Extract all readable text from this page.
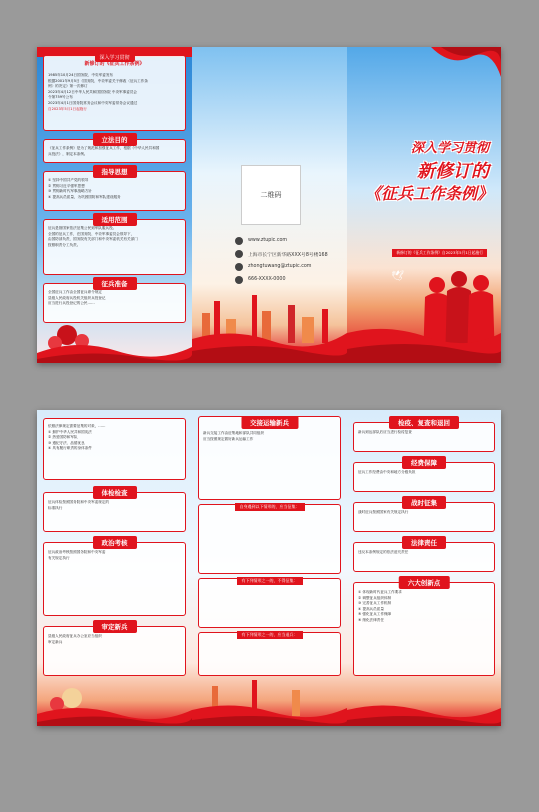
深入学习贯彻
新修订的《征兵工作条例》
1985年10月24日国务院、中央军委发布
根据2001年9月5日《国务院、中央军委关于修改〈征兵工作条
例〉的决定》第一次修订
2023年4月12日中华人民共和国国务院 中央军事委员会
令第759号公布
2023年4月1日国务院常务会议和中央军委常务会议通过
自2023年5月1日起施行
立法目的
《征兵工作条例》是为了规范和加强征兵工作，根据《中华人民共和国
兵役法》，制定本条例。
指导思想
① 坚持中国共产党的领导
② 贯彻习近平强军思想
③ 贯彻新时代军事战略方针
④ 提高兵员质量，为巩固国防和军队建设服务
适用范围
征兵是指国家依法征集公民到军队服兵役。
全国的征兵工作，在国务院、中央军事委员会领导下，
由国防部负责，国务院有关部门和中央军委机关有关部门
按照职责分工负责。
征兵准备
全国征兵工作由全国征兵命令规定
县级人民政府兵役机关组织兵役登记
应当进行兵役登记的公民……
二维码
www.ztupic.com
上海市长宁区新华路XXX号8号楼168
zhongtuwang@ztupic.com
666-XXXX-0000
深入学习贯彻
新修订的
《征兵工作条例》
新修订的《征兵工作条例》自2023年5月1日起施行
🕊
依照法律规定需要征集的对象，……
① 拥护中华人民共和国宪法
② 热爱国防和军队
③ 遵纪守法、品德优良
④ 具有履行职责的身体条件
体检检查
征兵体检按照国务院和中央军委规定的
标准执行
政治考核
征兵政治考核按照国务院和中央军委
有关规定执行
审定新兵
县级人民政府征兵办公室应当组织
审定新兵
交接运输新兵
新兵交接工作由征集地和部队共同组织
应当按照规定做好新兵运输工作
自身遇到以下情形的，应当征集：
有下列情形之一的，不得征集：
有下列情形之一的，应当退兵：
检疫、复查和退回
新兵到达部队后应当进行检疫复查
经费保障
征兵工作经费由中央和地方分级负担
战时征集
战时征兵按照国家有关规定执行
法律责任
违反本条例规定的依法追究责任
六大创新点
① 体现新时代征兵工作要求
② 调整征兵组织体制
③ 完善征兵工作机制
④ 提高兵员质量
⑤ 强化征兵工作保障
⑥ 细化法律责任
